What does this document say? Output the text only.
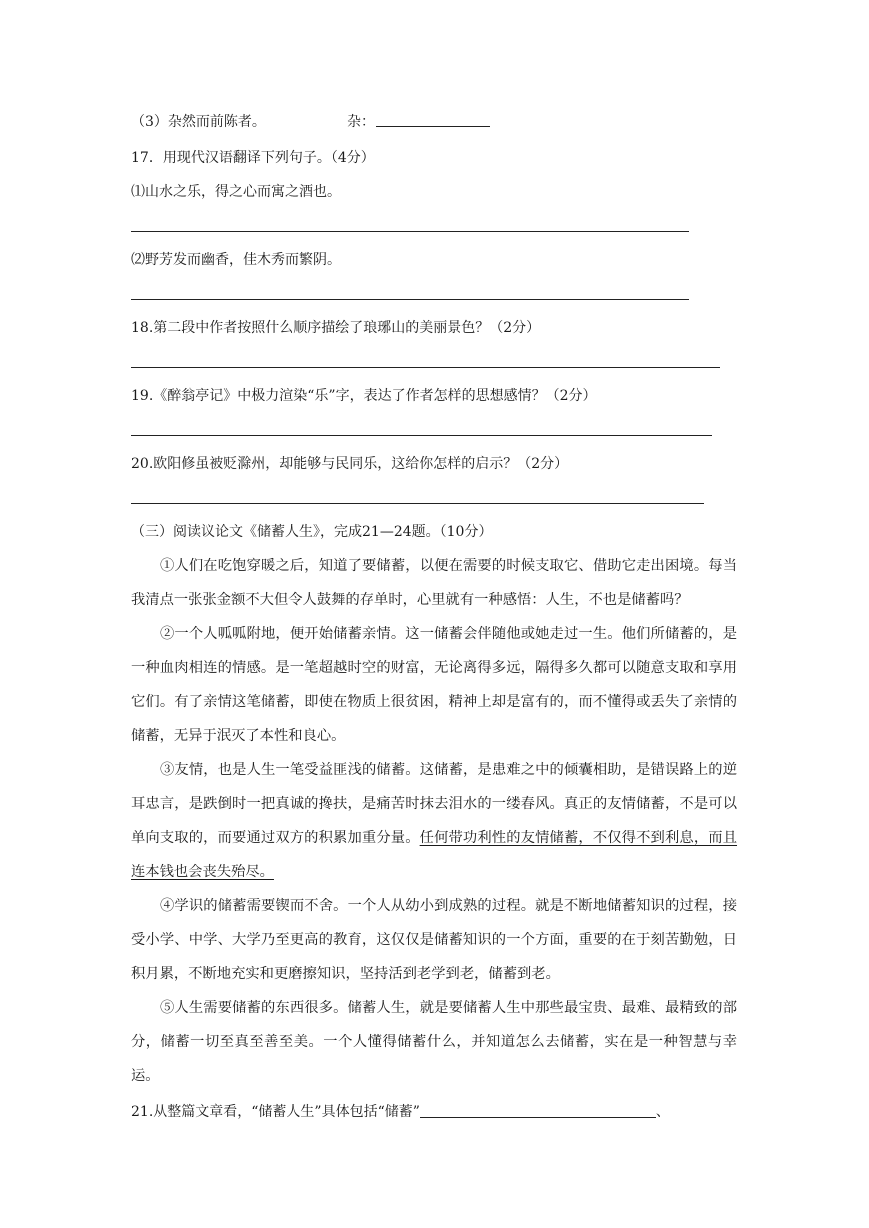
（3）杂然而前陈者。	杂：
17．用现代汉语翻译下列句子。（4分）
⑴山水之乐，得之心而寓之酒也。
⑵野芳发而幽香，佳木秀而繁阴。
18.第二段中作者按照什么顺序描绘了琅琊山的美丽景色？（2分）
19.《醉翁亭记》中极力渲染“乐”字，表达了作者怎样的思想感情？（2分）
20.欧阳修虽被贬滁州，却能够与民同乐，这给你怎样的启示？（2分）
（三）阅读议论文《储蓄人生》，完成21—24题。（10分）
①人们在吃饱穿暖之后，知道了要储蓄，以便在需要的时候支取它、借助它走出困境。每当我清点一张张金额不大但令人鼓舞的存单时，心里就有一种感悟：人生，不也是储蓄吗？
②一个人呱呱附地，便开始储蓄亲情。这一储蓄会伴随他或她走过一生。他们所储蓄的，是一种血肉相连的情感。是一笔超越时空的财富，无论离得多远，隔得多久都可以随意支取和享用它们。有了亲情这笔储蓄，即使在物质上很贫困，精神上却是富有的，而不懂得或丢失了亲情的储蓄，无异于泯灭了本性和良心。
③友情，也是人生一笔受益匪浅的储蓄。这储蓄，是患难之中的倾囊相助，是错误路上的逆耳忠言，是跌倒时一把真诚的搀扶，是痛苦时抹去泪水的一缕春风。真正的友情储蓄，不是可以单向支取的，而要通过双方的积累加重分量。任何带功利性的友情储蓄，不仅得不到利息，而且连本钱也会丧失殆尽。
④学识的储蓄需要锲而不舍。一个人从幼小到成熟的过程。就是不断地储蓄知识的过程，接受小学、中学、大学乃至更高的教育，这仅仅是储蓄知识的一个方面，重要的在于刻苦勤勉，日积月累，不断地充实和更磨擦知识，坚持活到老学到老，储蓄到老。
⑤人生需要储蓄的东西很多。储蓄人生，就是要储蓄人生中那些最宝贵、最难、最精致的部分，储蓄一切至真至善至美。一个人懂得储蓄什么，并知道怎么去储蓄，实在是一种智慧与幸运。
21.从整篇文章看，“储蓄人生”具体包括“储蓄”	、
